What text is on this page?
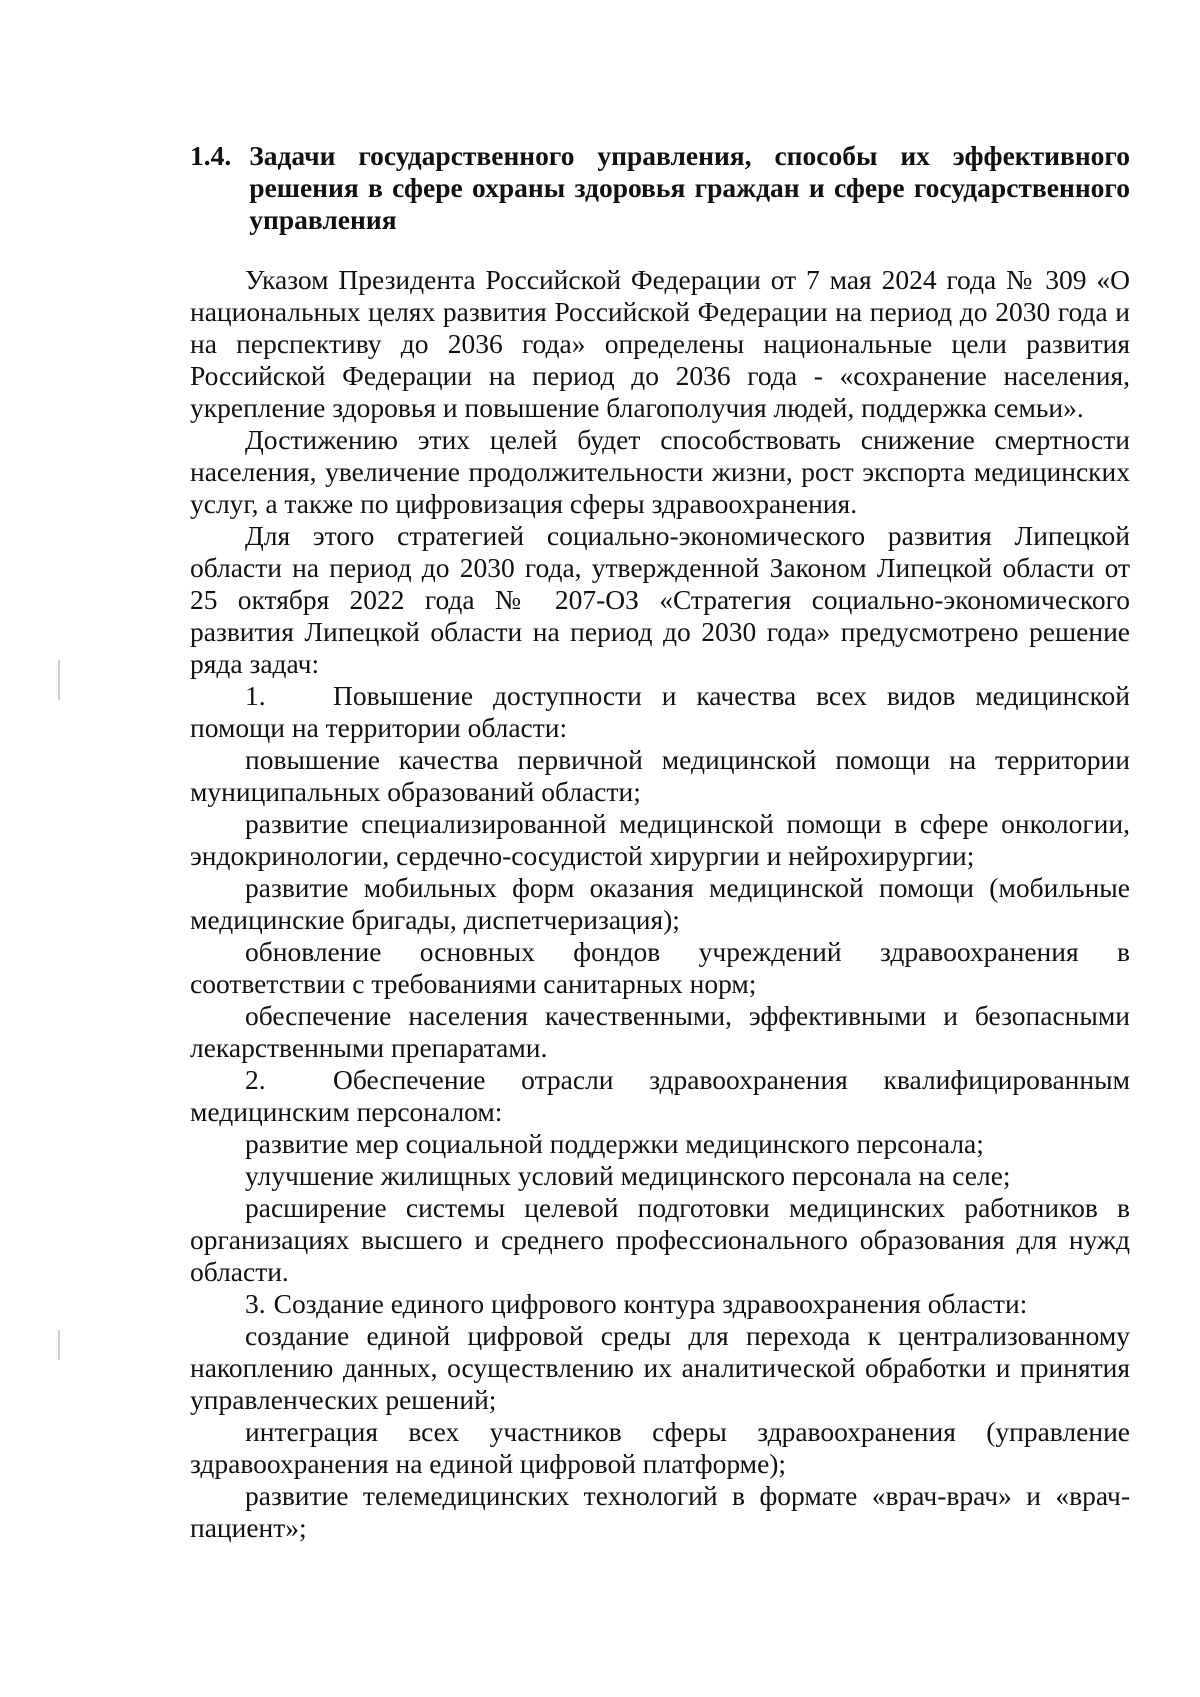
1.4. Задачи государственного управления, способы их эффективного решения в сфере охраны здоровья граждан и сфере государственного управления

Указом Президента Российской Федерации от 7 мая 2024 года № 309 «О национальных целях развития Российской Федерации на период до 2030 года и на перспективу до 2036 года» определены национальные цели развития Российской Федерации на период до 2036 года - «сохранение населения, укрепление здоровья и повышение благополучия людей, поддержка семьи».

Достижению этих целей будет способствовать снижение смертности населения, увеличение продолжительности жизни, рост экспорта медицинских услуг, а также по цифровизация сферы здравоохранения.

Для этого стратегией социально-экономического развития Липецкой области на период до 2030 года, утвержденной Законом Липецкой области от 25 октября 2022 года № 207-ОЗ «Стратегия социально-экономического развития Липецкой области на период до 2030 года» предусмотрено решение ряда задач:

1. Повышение доступности и качества всех видов медицинской помощи на территории области:

повышение качества первичной медицинской помощи на территории муниципальных образований области;

развитие специализированной медицинской помощи в сфере онкологии, эндокринологии, сердечно-сосудистой хирургии и нейрохирургии;

развитие мобильных форм оказания медицинской помощи (мобильные медицинские бригады, диспетчеризация);

обновление основных фондов учреждений здравоохранения в соответствии с требованиями санитарных норм;

обеспечение населения качественными, эффективными и безопасными лекарственными препаратами.

2. Обеспечение отрасли здравоохранения квалифицированным медицинским персоналом:

развитие мер социальной поддержки медицинского персонала;

улучшение жилищных условий медицинского персонала на селе;

расширение системы целевой подготовки медицинских работников в организациях высшего и среднего профессионального образования для нужд области.

3. Создание единого цифрового контура здравоохранения области:

создание единой цифровой среды для перехода к централизованному накоплению данных, осуществлению их аналитической обработки и принятия управленческих решений;

интеграция всех участников сферы здравоохранения (управление здравоохранения на единой цифровой платформе);

развитие телемедицинских технологий в формате «врач-врач» и «врач-пациент»;
